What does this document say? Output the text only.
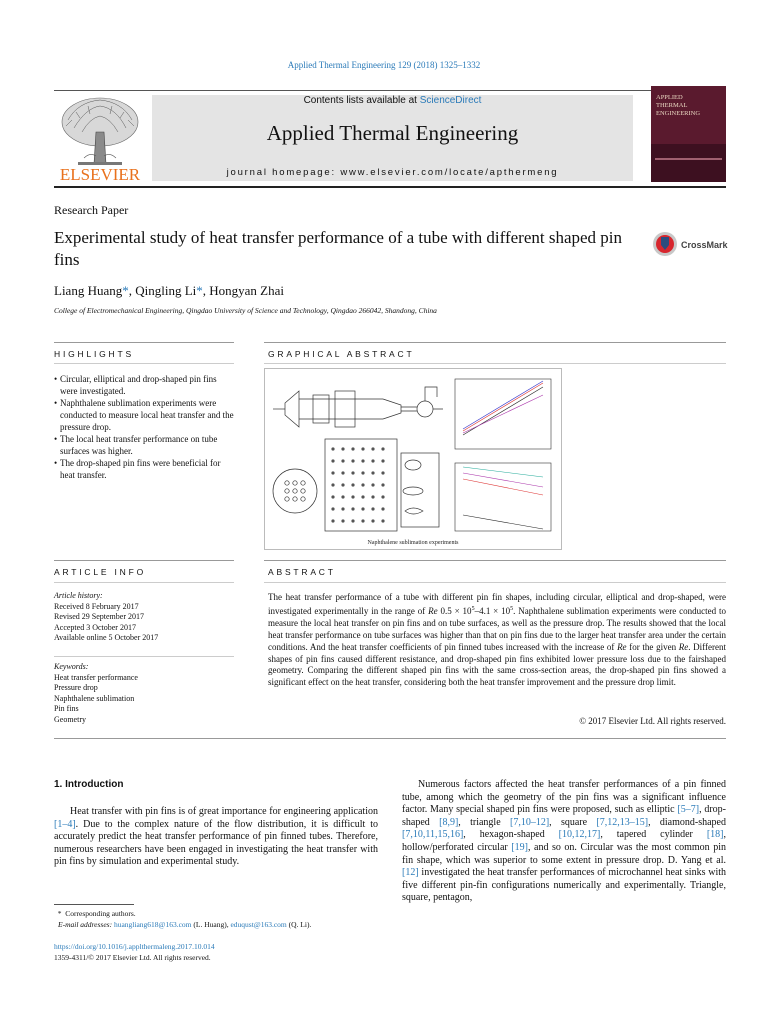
Applied Thermal Engineering 129 (2018) 1325–1332
ELSEVIER
Contents lists available at ScienceDirect
Applied Thermal Engineering
journal homepage: www.elsevier.com/locate/apthermeng
APPLIED
THERMAL
ENGINEERING
Research Paper
Experimental study of heat transfer performance of a tube with different shaped pin fins
CrossMark
Liang Huang*, Qingling Li*, Hongyan Zhai
College of Electromechanical Engineering, Qingdao University of Science and Technology, Qingdao 266042, Shandong, China
HIGHLIGHTS	GRAPHICAL ABSTRACT
• Circular, elliptical and drop-shaped pin fins were investigated.
• Naphthalene sublimation experiments were conducted to measure local heat transfer and the pressure drop.
• The local heat transfer performance on tube surfaces was higher.
• The drop-shaped pin fins were beneficial for heat transfer.
Naphthalene sublimation experiments
ARTICLE INFO	ABSTRACT
Article history:
Received 8 February 2017
Revised 29 September 2017
Accepted 3 October 2017
Available online 5 October 2017
Keywords:
Heat transfer performance
Pressure drop
Naphthalene sublimation
Pin fins
Geometry
The heat transfer performance of a tube with different pin fin shapes, including circular, elliptical and drop-shaped, were investigated experimentally in the range of Re $0.5 \times 10^5-4.1 \times 10^5$. Naphthalene sublimation experiments were conducted to measure the local heat transfer on pin fins and on tube surfaces, as well as the pressure drop. The results showed that the local heat transfer performance on tube surfaces was higher than that on pin fins due to the larger heat transfer area under the certain conditions. And the heat transfer coefficients of pin finned tubes increased with the increase of Re for the given Re. Different shapes of pin fins caused different resistance, and drop-shaped pin fins exhibited lower pressure loss due to the fairshaped geometry. Comparing the different shaped pin fins with the same cross-section areas, the drop-shaped pin fins showed a significant effect on the heat transfer, considering both the heat transfer improvement and the pressure drop limit.
© 2017 Elsevier Ltd. All rights reserved.
1. Introduction
Heat transfer with pin fins is of great importance for engineering application [1–4]. Due to the complex nature of the flow distribution, it is difficult to accurately predict the heat transfer performance of pin finned tubes. Therefore, numerous researchers have been engaged in investigating the heat transfer with pin fins by simulation and experimental study.
Numerous factors affected the heat transfer performances of a pin finned tube, among which the geometry of the pin fins was a significant influence factor. Many special shaped pin fins were proposed, such as elliptic [5–7], drop-shaped [8,9], triangle [7,10–12], square [7,12,13–15], diamond-shaped [7,10,11,15,16], hexagon-shaped [10,12,17], tapered cylinder [18], hollow/perforated circular [19], and so on. Circular was the most common pin fin shape, which was superior to some extent in pressure drop. D. Yang et al. [12] investigated the heat transfer performances of microchannel heat sinks with five different pin-fin configurations numerically and experimentally. Triangle, square, pentagon,
*  Corresponding authors.
E-mail addresses: huangliang618@163.com (L. Huang), eduqust@163.com (Q. Li).
https://doi.org/10.1016/j.applthermaleng.2017.10.014
1359-4311/© 2017 Elsevier Ltd. All rights reserved.
